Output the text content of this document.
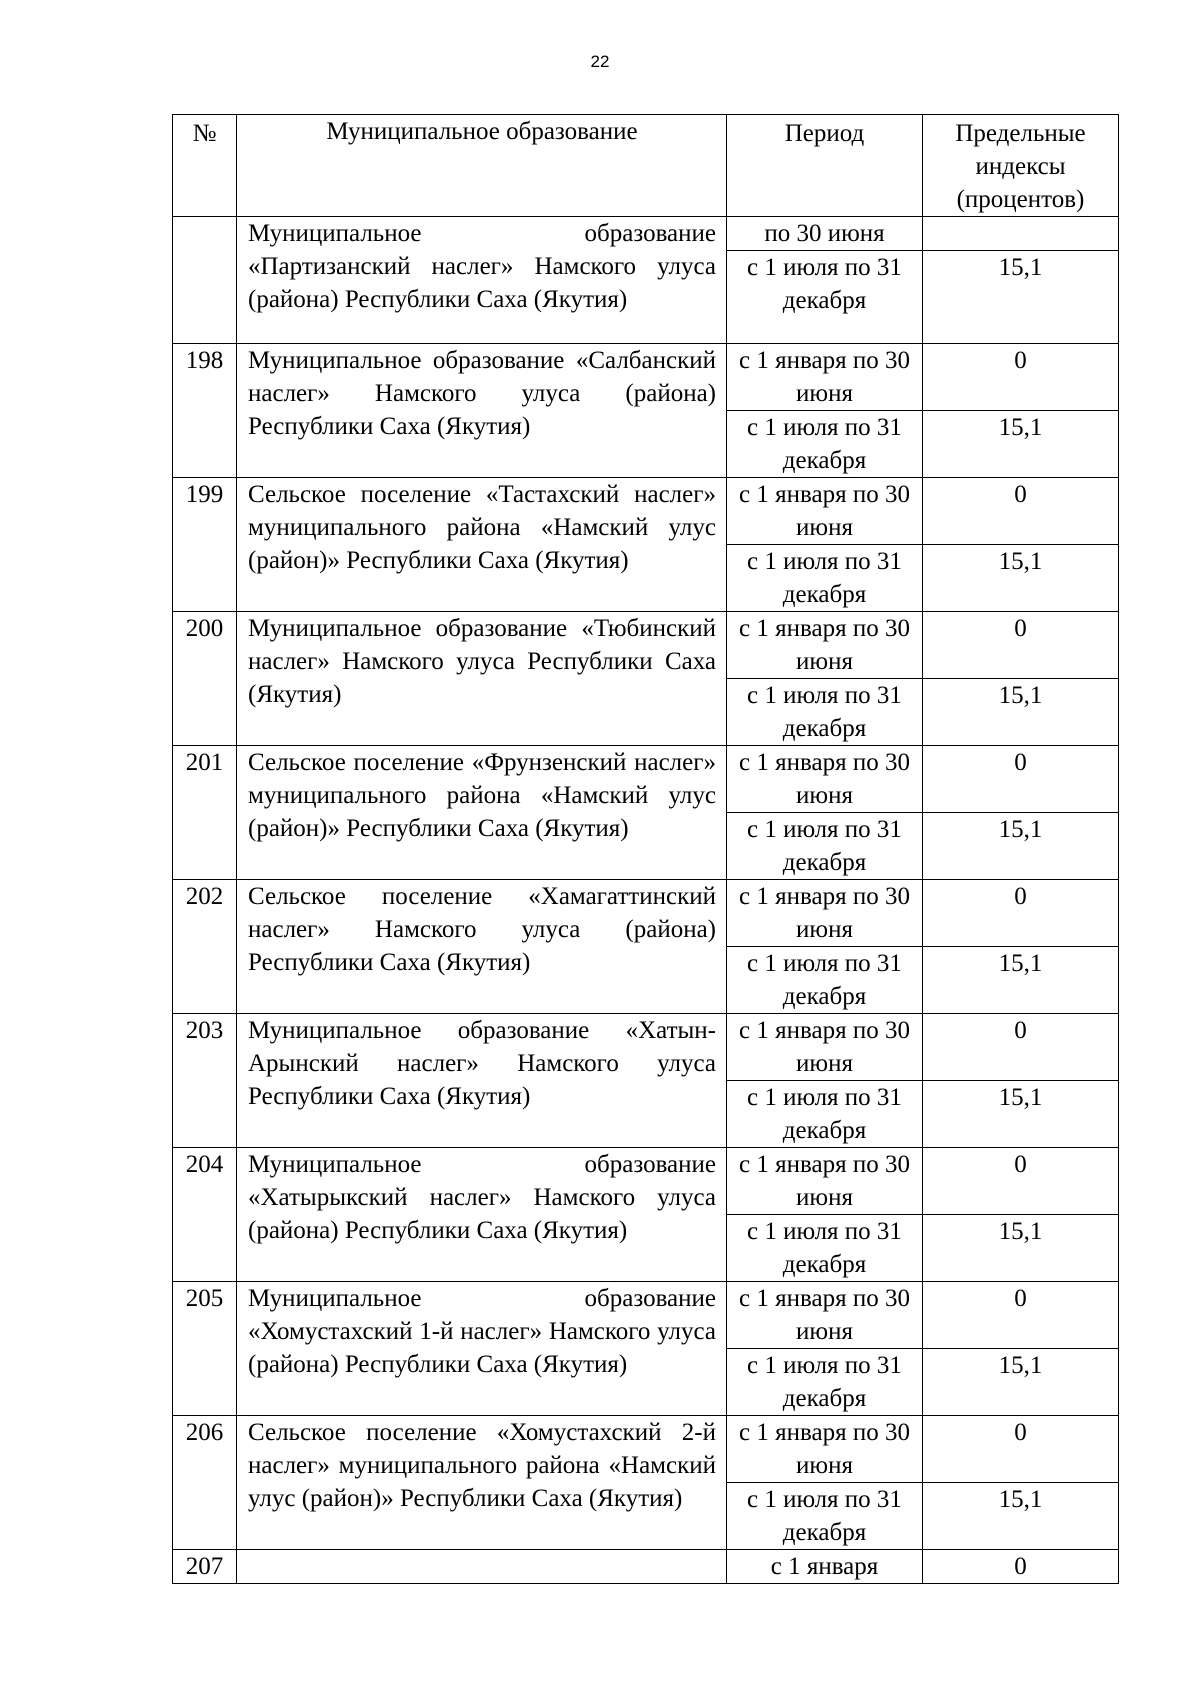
22
№	Муниципальное образование	Период	Предельные индексы (процентов)
	Муниципальное образование «Партизанский наслег» Намского улуса (района) Республики Саха (Якутия)	по 30 июня	
		с 1 июля по 31 декабря	15,1
198	Муниципальное образование «Салбанский наслег» Намского улуса (района) Республики Саха (Якутия)	с 1 января по 30 июня	0
		с 1 июля по 31 декабря	15,1
199	Сельское поселение «Тастахский наслег» муниципального района «Намский улус (район)» Республики Саха (Якутия)	с 1 января по 30 июня	0
		с 1 июля по 31 декабря	15,1
200	Муниципальное образование «Тюбинский наслег» Намского улуса Республики Саха (Якутия)	с 1 января по 30 июня	0
		с 1 июля по 31 декабря	15,1
201	Сельское поселение «Фрунзенский наслег» муниципального района «Намский улус (район)» Республики Саха (Якутия)	с 1 января по 30 июня	0
		с 1 июля по 31 декабря	15,1
202	Сельское поселение «Хамагаттинский наслег» Намского улуса (района) Республики Саха (Якутия)	с 1 января по 30 июня	0
		с 1 июля по 31 декабря	15,1
203	Муниципальное образование «Хатын-Арынский наслег» Намского улуса Республики Саха (Якутия)	с 1 января по 30 июня	0
		с 1 июля по 31 декабря	15,1
204	Муниципальное образование «Хатырыкский наслег» Намского улуса (района) Республики Саха (Якутия)	с 1 января по 30 июня	0
		с 1 июля по 31 декабря	15,1
205	Муниципальное образование «Хомустахский 1-й наслег» Намского улуса (района) Республики Саха (Якутия)	с 1 января по 30 июня	0
		с 1 июля по 31 декабря	15,1
206	Сельское поселение «Хомустахский 2-й наслег» муниципального района «Намский улус (район)» Республики Саха (Якутия)	с 1 января по 30 июня	0
		с 1 июля по 31 декабря	15,1
207		с 1 января	0
